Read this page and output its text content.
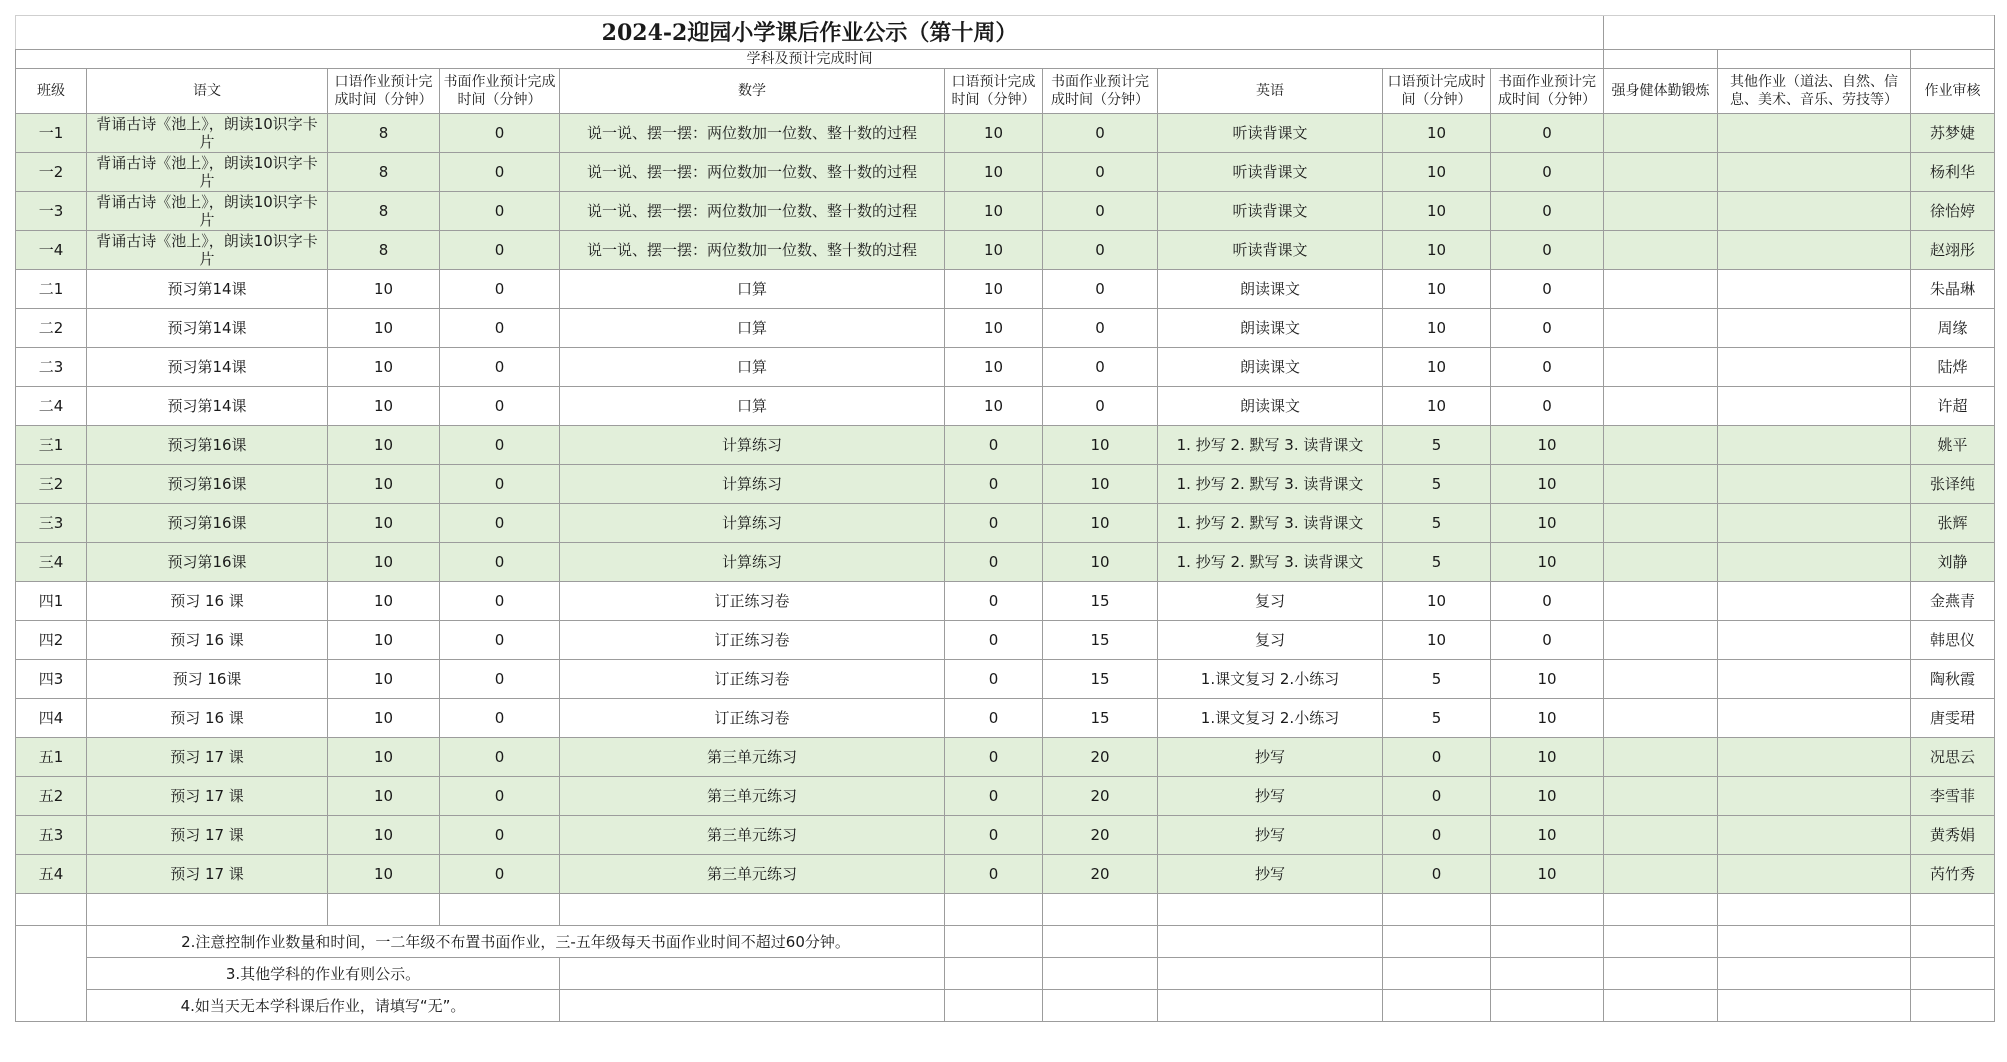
2024-2迎园小学课后作业公示（第十周）												
学科及预计完成时间												
班级	语文	口语作业预计完成时间（分钟）	书面作业预计完成时间（分钟）	数学	口语预计完成时间（分钟）	书面作业预计完成时间（分钟）	英语	口语预计完成时间（分钟）	书面作业预计完成时间（分钟）	强身健体勤锻炼	其他作业（道法、自然、信息、美术、音乐、劳技等）	作业审核
一1	背诵古诗《池上》，朗读10识字卡片	8	0	说一说、摆一摆：两位数加一位数、整十数的过程	10	0	听读背课文	10	0			苏梦婕
一2	背诵古诗《池上》，朗读10识字卡片	8	0	说一说、摆一摆：两位数加一位数、整十数的过程	10	0	听读背课文	10	0			杨利华
一3	背诵古诗《池上》，朗读10识字卡片	8	0	说一说、摆一摆：两位数加一位数、整十数的过程	10	0	听读背课文	10	0			徐怡婷
一4	背诵古诗《池上》，朗读10识字卡片	8	0	说一说、摆一摆：两位数加一位数、整十数的过程	10	0	听读背课文	10	0			赵翊彤
二1	预习第14课	10	0	口算	10	0	朗读课文	10	0			朱晶琳
二2	预习第14课	10	0	口算	10	0	朗读课文	10	0			周缘
二3	预习第14课	10	0	口算	10	0	朗读课文	10	0			陆烨
二4	预习第14课	10	0	口算	10	0	朗读课文	10	0			许超
三1	预习第16课	10	0	计算练习	0	10	1. 抄写 2. 默写 3. 读背课文	5	10			姚平
三2	预习第16课	10	0	计算练习	0	10	1. 抄写 2. 默写 3. 读背课文	5	10			张译纯
三3	预习第16课	10	0	计算练习	0	10	1. 抄写 2. 默写 3. 读背课文	5	10			张辉
三4	预习第16课	10	0	计算练习	0	10	1. 抄写 2. 默写 3. 读背课文	5	10			刘静
四1	预习 16 课	10	0	订正练习卷	0	15	复习	10	0			金燕青
四2	预习 16 课	10	0	订正练习卷	0	15	复习	10	0			韩思仪
四3	预习 16课	10	0	订正练习卷	0	15	1.课文复习 2.小练习	5	10			陶秋霞
四4	预习 16 课	10	0	订正练习卷	0	15	1.课文复习 2.小练习	5	10			唐雯珺
五1	预习 17 课	10	0	第三单元练习	0	20	抄写	0	10			况思云
五2	预习 17 课	10	0	第三单元练习	0	20	抄写	0	10			李雪菲
五3	预习 17 课	10	0	第三单元练习	0	20	抄写	0	10			黄秀娟
五4	预习 17 课	10	0	第三单元练习	0	20	抄写	0	10			芮竹秀

	2.注意控制作业数量和时间，一二年级不布置书面作业，三-五年级每天书面作业时间不超过60分钟。											
	3.其他学科的作业有则公示。											
	4.如当天无本学科课后作业，请填写“无”。											
